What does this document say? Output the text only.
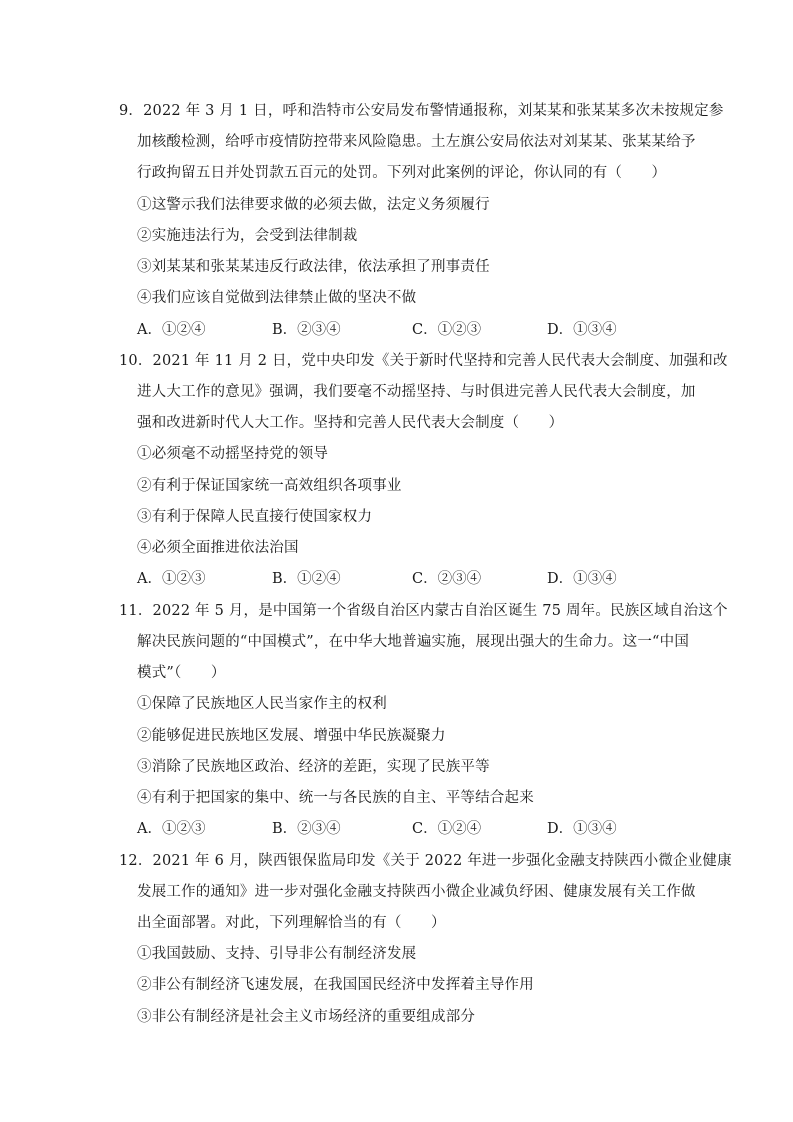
9．2022 年 3 月 1 日，呼和浩特市公安局发布警情通报称，刘某某和张某某多次未按规定参
加核酸检测，给呼市疫情防控带来风险隐患。土左旗公安局依法对刘某某、张某某给予
行政拘留五日并处罚款五百元的处罚。下列对此案例的评论，你认同的有（　　）
①这警示我们法律要求做的必须去做，法定义务须履行
②实施违法行为，会受到法律制裁
③刘某某和张某某违反行政法律，依法承担了刑事责任
④我们应该自觉做到法律禁止做的坚决不做
A．①②④	B．②③④	C．①②③	D．①③④
10．2021 年 11 月 2 日，党中央印发《关于新时代坚持和完善人民代表大会制度、加强和改
进人大工作的意见》强调，我们要毫不动摇坚持、与时俱进完善人民代表大会制度，加
强和改进新时代人大工作。坚持和完善人民代表大会制度（　　）
①必须毫不动摇坚持党的领导
②有利于保证国家统一高效组织各项事业
③有利于保障人民直接行使国家权力
④必须全面推进依法治国
A．①②③	B．①②④	C．②③④	D．①③④
11．2022 年 5 月，是中国第一个省级自治区内蒙古自治区诞生 75 周年。民族区域自治这个
解决民族问题的“中国模式”，在中华大地普遍实施，展现出强大的生命力。这一“中国
模式”（　　）
①保障了民族地区人民当家作主的权利
②能够促进民族地区发展、增强中华民族凝聚力
③消除了民族地区政治、经济的差距，实现了民族平等
④有利于把国家的集中、统一与各民族的自主、平等结合起来
A．①②③	B．②③④	C．①②④	D．①③④
12．2021 年 6 月，陕西银保监局印发《关于 2022 年进一步强化金融支持陕西小微企业健康
发展工作的通知》进一步对强化金融支持陕西小微企业减负纾困、健康发展有关工作做
出全面部署。对此，下列理解恰当的有（　　）
①我国鼓励、支持、引导非公有制经济发展
②非公有制经济飞速发展，在我国国民经济中发挥着主导作用
③非公有制经济是社会主义市场经济的重要组成部分
